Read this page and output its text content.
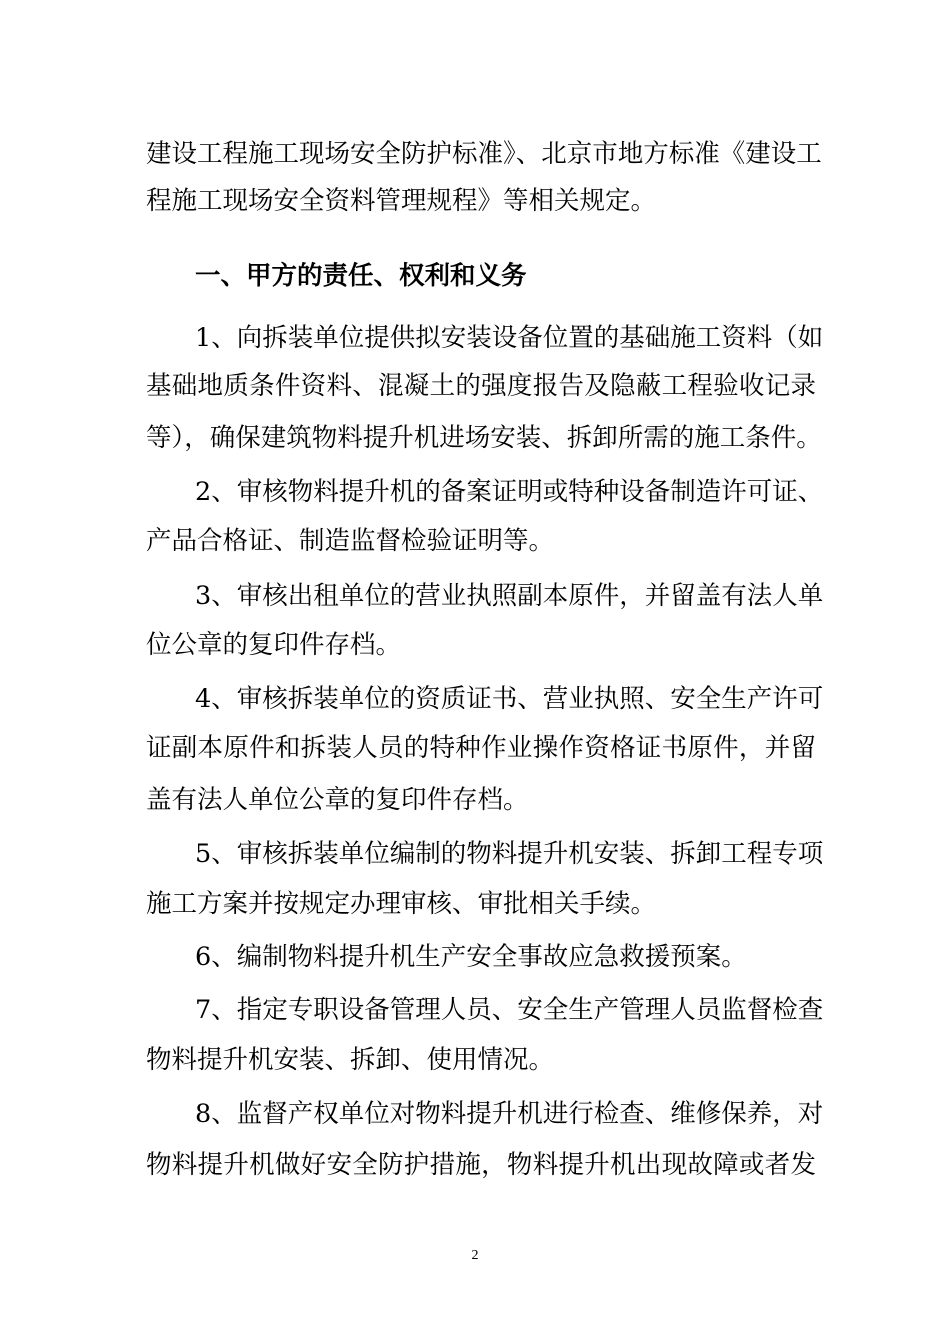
建设工程施工现场安全防护标准》、北京市地方标准《建设工
程施工现场安全资料管理规程》等相关规定。
一、甲方的责任、权利和义务
1、向拆装单位提供拟安装设备位置的基础施工资料（如
基础地质条件资料、混凝土的强度报告及隐蔽工程验收记录
等），确保建筑物料提升机进场安装、拆卸所需的施工条件。
2、审核物料提升机的备案证明或特种设备制造许可证、
产品合格证、制造监督检验证明等。
3、审核出租单位的营业执照副本原件，并留盖有法人单
位公章的复印件存档。
4、审核拆装单位的资质证书、营业执照、安全生产许可
证副本原件和拆装人员的特种作业操作资格证书原件，并留
盖有法人单位公章的复印件存档。
5、审核拆装单位编制的物料提升机安装、拆卸工程专项
施工方案并按规定办理审核、审批相关手续。
6、编制物料提升机生产安全事故应急救援预案。
7、指定专职设备管理人员、安全生产管理人员监督检查
物料提升机安装、拆卸、使用情况。
8、监督产权单位对物料提升机进行检查、维修保养，对
物料提升机做好安全防护措施，物料提升机出现故障或者发
2
